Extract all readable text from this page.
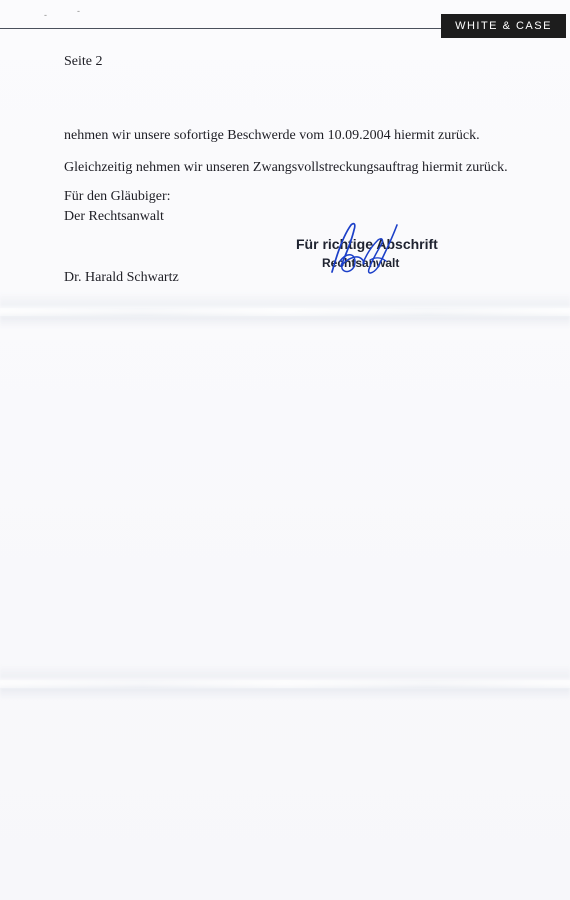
-	-
WHITE & CASE
Seite 2
nehmen wir unsere sofortige Beschwerde vom 10.09.2004 hiermit zurück.
Gleichzeitig nehmen wir unseren Zwangsvollstreckungsauftrag hiermit zurück.
Für den Gläubiger:
Der Rechtsanwalt
Für richtige Abschrift
Rechtsanwalt
Dr. Harald Schwartz
